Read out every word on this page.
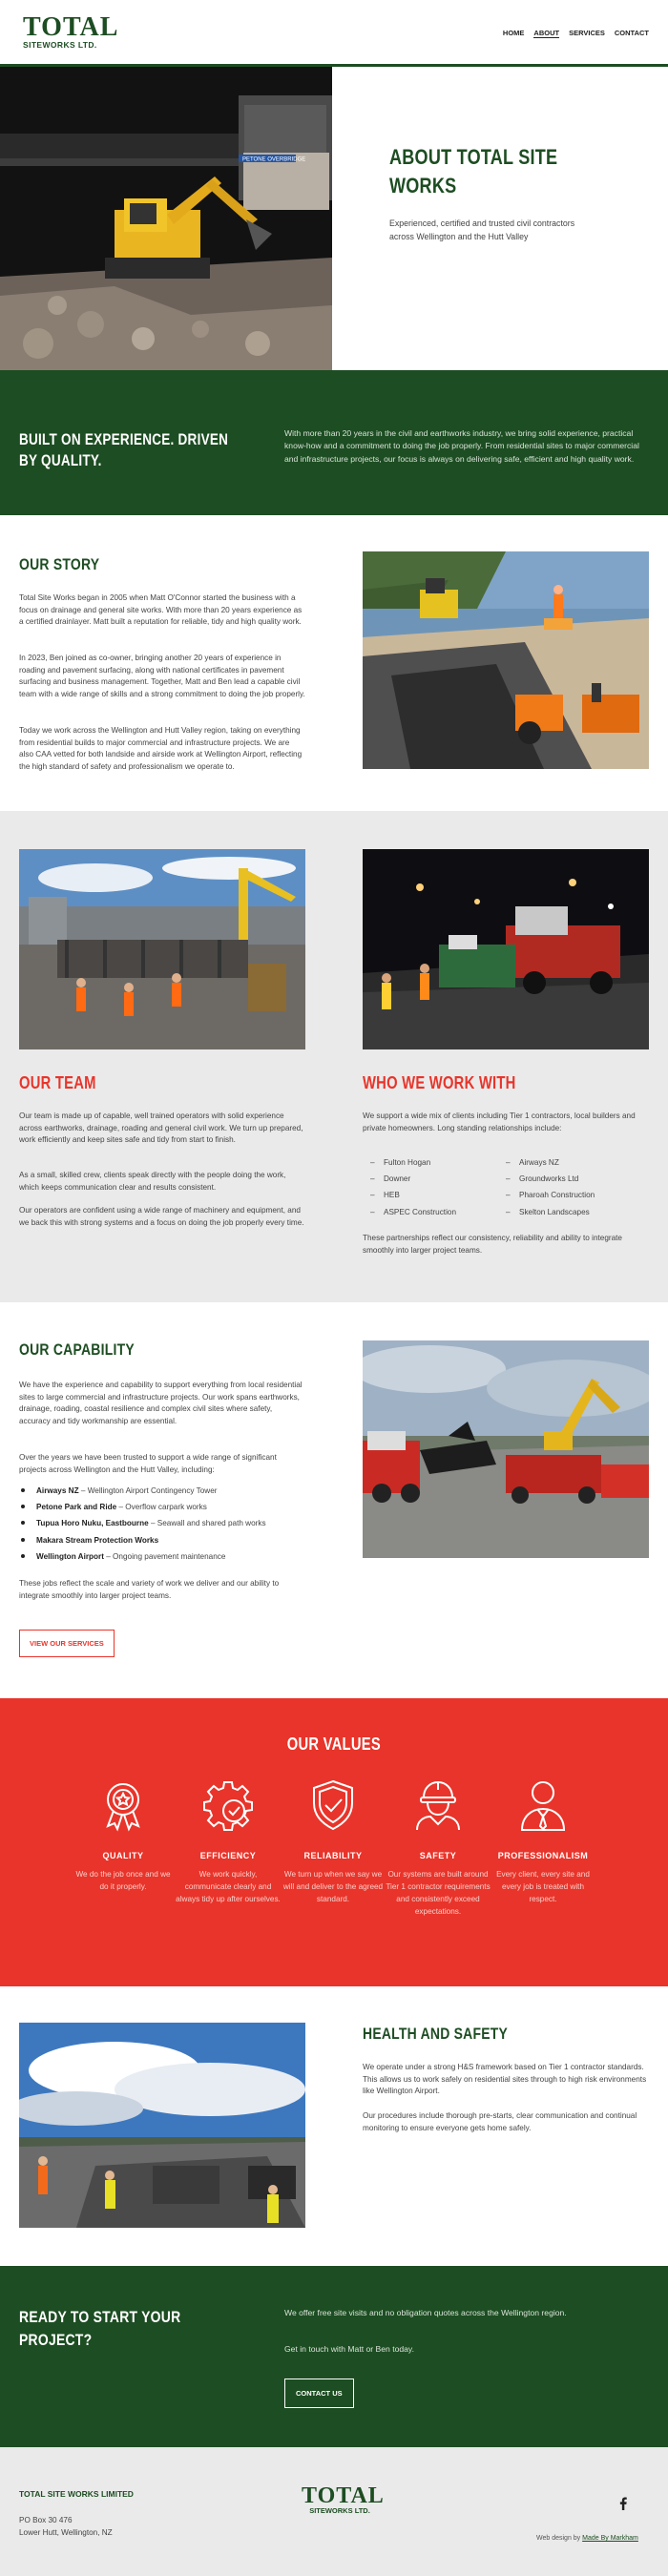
TOTAL
SITEWORKS LTD.
HOME ABOUT SERVICES CONTACT
PETONE OVERBRIDGE	ABOUT TOTAL SITE WORKS

Experienced, certified and trusted civil contractors across Wellington and the Hutt Valley

BUILT ON EXPERIENCE. DRIVEN BY QUALITY.

With more than 20 years in the civil and earthworks industry, we bring solid experience, practical know-how and a commitment to doing the job properly. From residential sites to major commercial and infrastructure projects, our focus is always on delivering safe, efficient and high quality work.

OUR STORY

Total Site Works began in 2005 when Matt O'Connor started the business with a focus on drainage and general site works. With more than 20 years experience as a certified drainlayer. Matt built a reputation for reliable, tidy and high quality work.

In 2023, Ben joined as co-owner, bringing another 20 years of experience in roading and pavement surfacing, along with national certificates in pavement surfacing and business management. Together, Matt and Ben lead a capable civil team with a wide range of skills and a strong commitment to doing the job properly.

Today we work across the Wellington and Hutt Valley region, taking on everything from residential builds to major commercial and infrastructure projects. We are also CAA vetted for both landside and airside work at Wellington Airport, reflecting the high standard of safety and professionalism we operate to.

OUR TEAM

Our team is made up of capable, well trained operators with solid experience across earthworks, drainage, roading and general civil work. We turn up prepared, work efficiently and keep sites safe and tidy from start to finish.

As a small, skilled crew, clients speak directly with the people doing the work, which keeps communication clear and results consistent.

Our operators are confident using a wide range of machinery and equipment, and we back this with strong systems and a focus on doing the job properly every time.

WHO WE WORK WITH

We support a wide mix of clients including Tier 1 contractors, local builders and private homeowners. Long standing relationships include:

– Fulton Hogan
– Downer
– HEB
– ASPEC Construction
– Airways NZ
– Groundworks Ltd
– Pharoah Construction
– Skelton Landscapes

These partnerships reflect our consistency, reliability and ability to integrate smoothly into larger project teams.

OUR CAPABILITY

We have the experience and capability to support everything from local residential sites to large commercial and infrastructure projects. Our work spans earthworks, drainage, roading, coastal resilience and complex civil sites where safety, accuracy and tidy workmanship are essential.

Over the years we have been trusted to support a wide range of significant projects across Wellington and the Hutt Valley, including:

Airways NZ – Wellington Airport Contingency Tower
Petone Park and Ride – Overflow carpark works
Tupua Horo Nuku, Eastbourne – Seawall and shared path works
Makara Stream Protection Works
Wellington Airport – Ongoing pavement maintenance

These jobs reflect the scale and variety of work we deliver and our ability to integrate smoothly into larger project teams.

VIEW OUR SERVICES
OUR VALUES
QUALITY
We do the job once and we do it properly.
EFFICIENCY
We work quickly, communicate clearly and always tidy up after ourselves.
RELIABILITY
We turn up when we say we will and deliver to the agreed standard.
SAFETY
Our systems are built around Tier 1 contractor requirements and consistently exceed expectations.
PROFESSIONALISM
Every client, every site and every job is treated with respect.
HEALTH AND SAFETY

We operate under a strong H&S framework based on Tier 1 contractor standards. This allows us to work safely on residential sites through to high risk environments like Wellington Airport.

Our procedures include thorough pre-starts, clear communication and continual monitoring to ensure everyone gets home safely.

READY TO START YOUR PROJECT?

We offer free site visits and no obligation quotes across the Wellington region.

Get in touch with Matt or Ben today.

CONTACT US
TOTAL SITE WORKS LIMITED
PO Box 30 476
Lower Hutt, Wellington, NZ
TOTAL
SITEWORKS LTD.
Web design by Made By Markham
